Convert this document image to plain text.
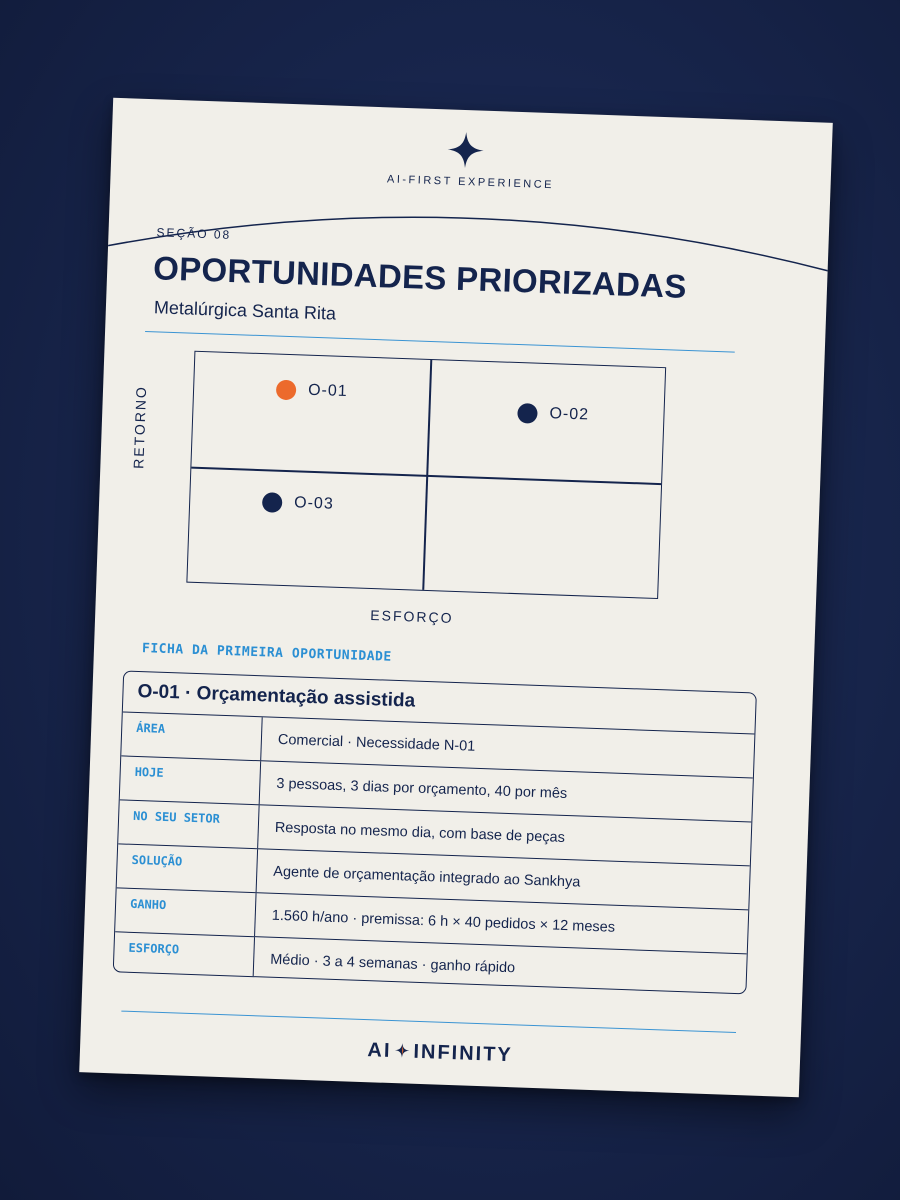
AI-FIRST EXPERIENCE
SEÇÃO 08
OPORTUNIDADES PRIORIZADAS
Metalúrgica Santa Rita
O-01
O-02
O-03
RETORNO
ESFORÇO
FICHA DA PRIMEIRA OPORTUNIDADE
O-01 · Orçamentação assistida
ÁREA
Comercial · Necessidade N-01
HOJE
3 pessoas, 3 dias por orçamento, 40 por mês
NO SEU SETOR
Resposta no mesmo dia, com base de peças
SOLUÇÃO
Agente de orçamentação integrado ao Sankhya
GANHO
1.560 h/ano · premissa: 6 h × 40 pedidos × 12 meses
ESFORÇO
Médio · 3 a 4 semanas · ganho rápido
AI INFINITY
